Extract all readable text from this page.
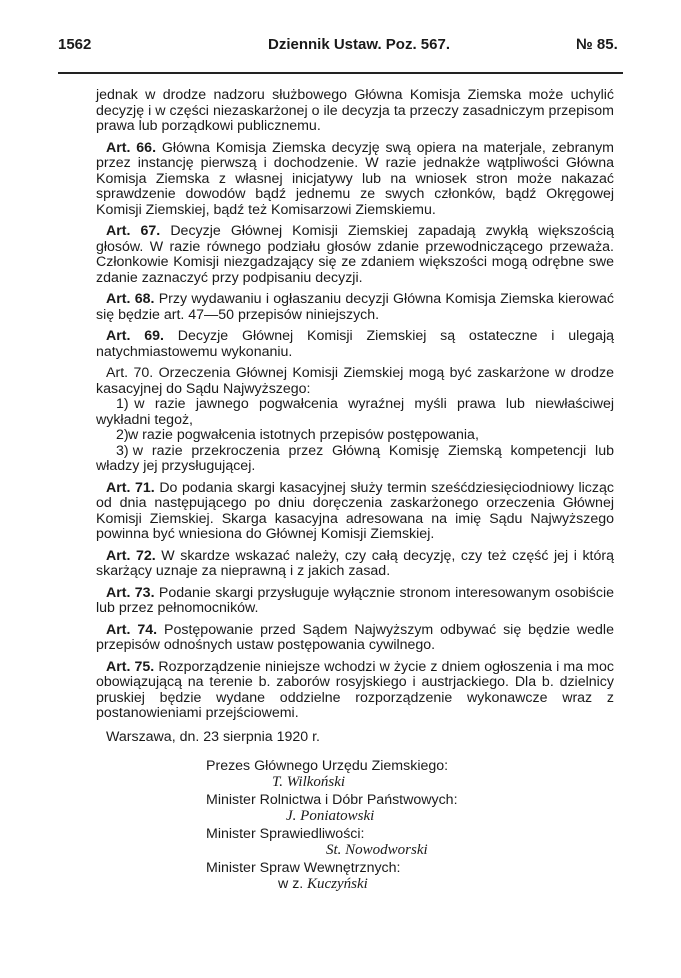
1562	Dziennik Ustaw. Poz. 567.	№ 85.

jednak w drodze nadzoru służbowego Główna Komisja Ziemska może uchylić decyzję i w części niezaskarżonej o ile decyzja ta przeczy zasadniczym przepisom prawa lub porządkowi publicznemu.

Art. 66. Główna Komisja Ziemska decyzję swą opiera na materjale, zebranym przez instancję pierwszą i dochodzenie. W razie jednakże wątpliwości Główna Komisja Ziemska z własnej inicjatywy lub na wniosek stron może nakazać sprawdzenie dowodów bądź jednemu ze swych członków, bądź Okręgowej Komisji Ziemskiej, bądź też Komisarzowi Ziemskiemu.

Art. 67. Decyzje Głównej Komisji Ziemskiej zapadają zwykłą większością głosów. W razie równego podziału głosów zdanie przewodniczącego przeważa. Członkowie Komisji niezgadzający się ze zdaniem większości mogą odrębne swe zdanie zaznaczyć przy podpisaniu decyzji.

Art. 68. Przy wydawaniu i ogłaszaniu decyzji Główna Komisja Ziemska kierować się będzie art. 47—50 przepisów niniejszych.

Art. 69. Decyzje Głównej Komisji Ziemskiej są ostateczne i ulegają natychmiastowemu wykonaniu.

Art. 70. Orzeczenia Głównej Komisji Ziemskiej mogą być zaskarżone w drodze kasacyjnej do Sądu Najwyższego:

1) w razie jawnego pogwałcenia wyraźnej myśli prawa lub niewłaściwej wykładni tegoż,

2) w razie pogwałcenia istotnych przepisów postępowania,

3) w razie przekroczenia przez Główną Komisję Ziemską kompetencji lub władzy jej przysługującej.

Art. 71. Do podania skargi kasacyjnej służy termin sześćdziesięciodniowy licząc od dnia następującego po dniu doręczenia zaskarżonego orzeczenia Głównej Komisji Ziemskiej. Skarga kasacyjna adresowana na imię Sądu Najwyższego powinna być wniesiona do Głównej Komisji Ziemskiej.

Art. 72. W skardze wskazać należy, czy całą decyzję, czy też część jej i którą skarżący uznaje za nieprawną i z jakich zasad.

Art. 73. Podanie skargi przysługuje wyłącznie stronom interesowanym osobiście lub przez pełnomocników.

Art. 74. Postępowanie przed Sądem Najwyższym odbywać się będzie wedle przepisów odnośnych ustaw postępowania cywilnego.

Art. 75. Rozporządzenie niniejsze wchodzi w życie z dniem ogłoszenia i ma moc obowiązującą na terenie b. zaborów rosyjskiego i austrjackiego. Dla b. dzielnicy pruskiej będzie wydane oddzielne rozporządzenie wykonawcze wraz z postanowieniami przejściowemi.

Warszawa, dn. 23 sierpnia 1920 r.

Prezes Głównego Urzędu Ziemskiego:

T. Wilkoński

Minister Rolnictwa i Dóbr Państwowych:

J. Poniatowski

Minister Sprawiedliwości:

St. Nowodworski

Minister Spraw Wewnętrznych:

w z. Kuczyński
